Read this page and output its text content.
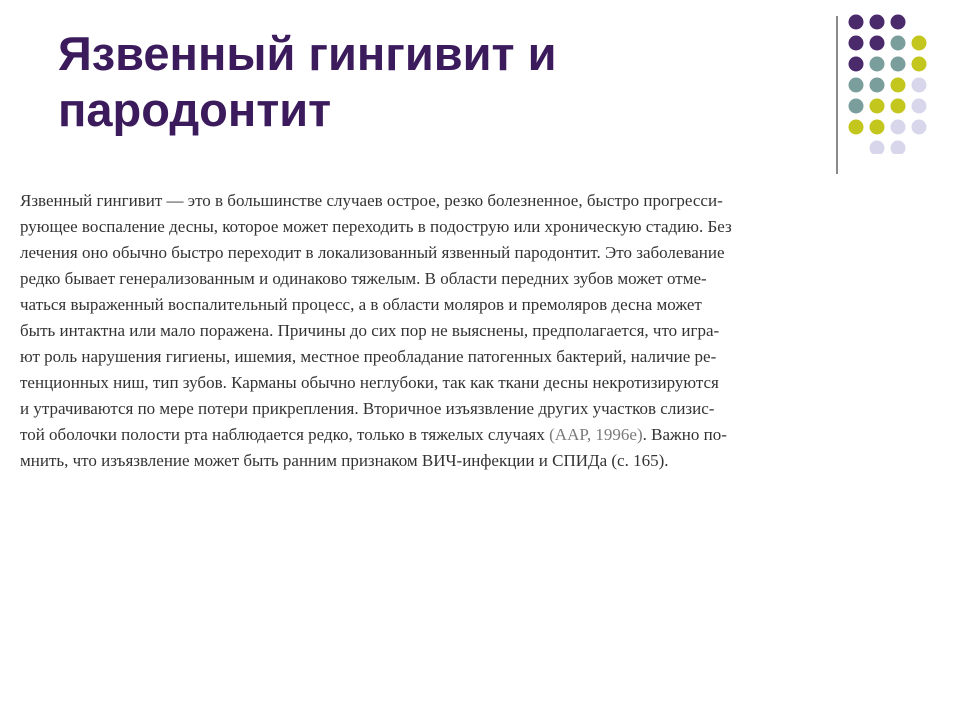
Язвенный гингивит и
пародонтит
Язвенный гингивит — это в большинстве случаев острое, резко болезненное, быстро прогресси-
рующее воспаление десны, которое может переходить в подострую или хроническую стадию. Без
лечения оно обычно быстро переходит в локализованный язвенный пародонтит. Это заболевание
редко бывает генерализованным и одинаково тяжелым. В области передних зубов может отме-
чаться выраженный воспалительный процесс, а в области моляров и премоляров десна может
быть интактна или мало поражена. Причины до сих пор не выяснены, предполагается, что игра-
ют роль нарушения гигиены, ишемия, местное преобладание патогенных бактерий, наличие ре-
тенционных ниш, тип зубов. Карманы обычно неглубоки, так как ткани десны некротизируются
и утрачиваются по мере потери прикрепления. Вторичное изъязвление других участков слизис-
той оболочки полости рта наблюдается редко, только в тяжелых случаях (AAP, 1996e). Важно по-
мнить, что изъязвление может быть ранним признаком ВИЧ-инфекции и СПИДа (с. 165).
